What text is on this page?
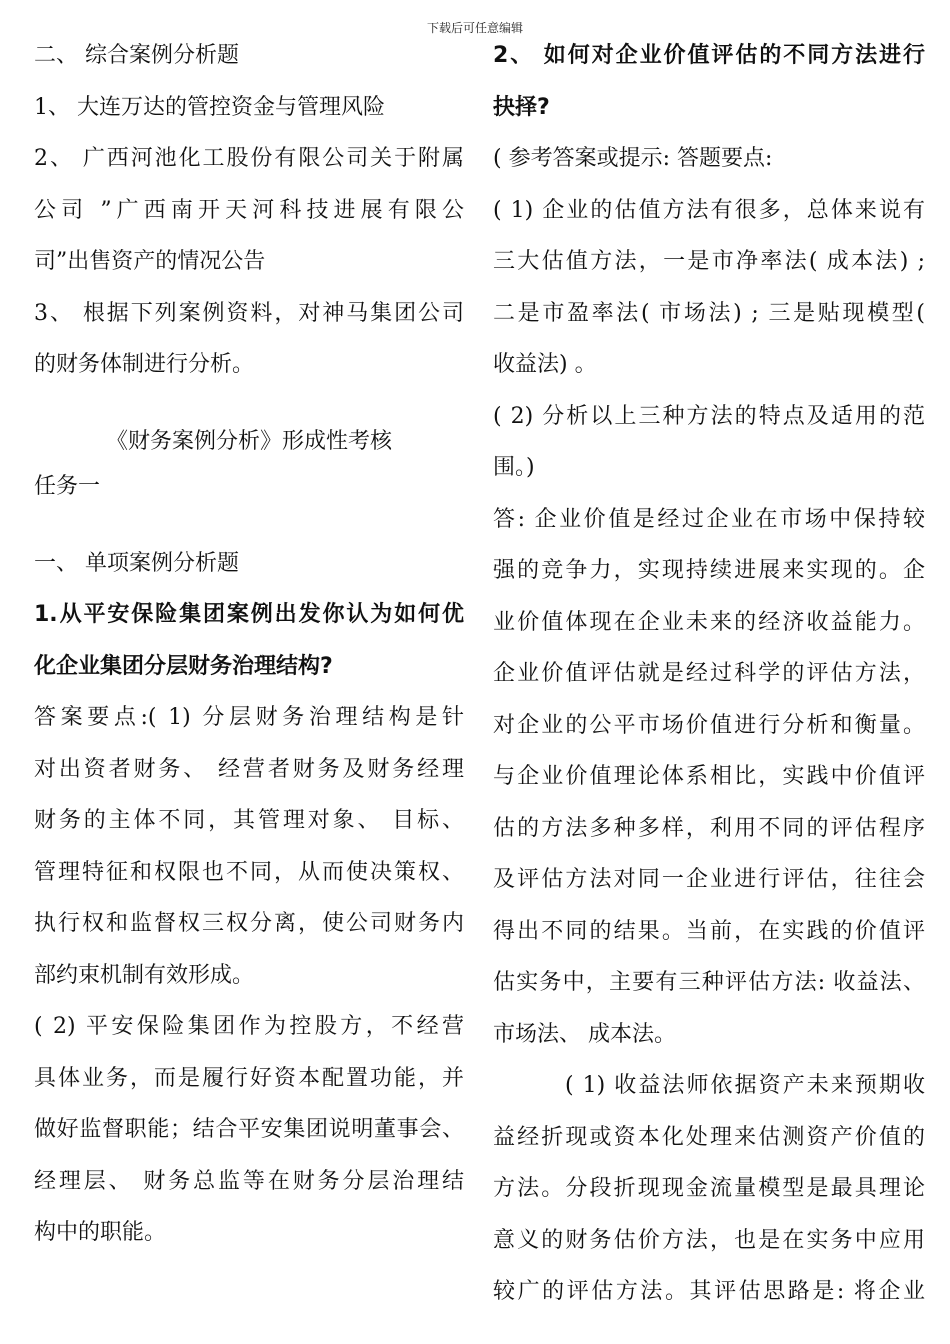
下载后可任意编辑
二、 综合案例分析题
1、 大连万达的管控资金与管理风险
2、 广西河池化工股份有限公司关于附属
公司 ”广西南开天河科技进展有限公
司”出售资产的情况公告
3、 根据下列案例资料，对神马集团公司
的财务体制进行分析。
《财务案例分析》形成性考核
任务一
一、 单项案例分析题
1.从平安保险集团案例出发你认为如何优
化企业集团分层财务治理结构?
答案要点:( 1) 分层财务治理结构是针
对出资者财务、 经营者财务及财务经理
财务的主体不同，其管理对象、 目标、
管理特征和权限也不同，从而使决策权、
执行权和监督权三权分离，使公司财务内
部约束机制有效形成。
( 2) 平安保险集团作为控股方，不经营
具体业务，而是履行好资本配置功能，并
做好监督职能；结合平安集团说明董事会、
经理层、 财务总监等在财务分层治理结
构中的职能。
2、 如何对企业价值评估的不同方法进行
抉择?
( 参考答案或提示: 答题要点:
( 1) 企业的估值方法有很多，总体来说有
三大估值方法，一是市净率法( 成本法) ;
二是市盈率法( 市场法) ; 三是贴现模型(
收益法) 。
( 2) 分析以上三种方法的特点及适用的范
围。)
答: 企业价值是经过企业在市场中保持较
强的竞争力，实现持续进展来实现的。企
业价值体现在企业未来的经济收益能力。
企业价值评估就是经过科学的评估方法，
对企业的公平市场价值进行分析和衡量。
与企业价值理论体系相比，实践中价值评
估的方法多种多样，利用不同的评估程序
及评估方法对同一企业进行评估，往往会
得出不同的结果。当前，在实践的价值评
估实务中，主要有三种评估方法: 收益法、
市场法、 成本法。
( 1) 收益法师依据资产未来预期收
益经折现或资本化处理来估测资产价值的
方法。分段折现现金流量模型是最具理论
意义的财务估价方法，也是在实务中应用
较广的评估方法。其评估思路是: 将企业
